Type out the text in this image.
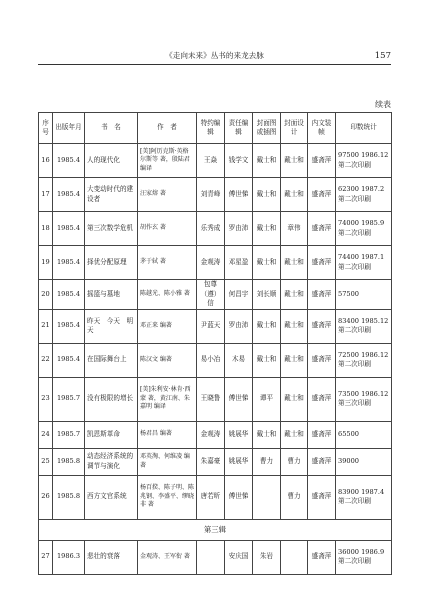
《走向未来》丛书的来龙去脉	157
续表
序号	出版年月	书　名	作　者	特约编辑	责任编辑	封面图或插图	封面设计	内文装帧	印数统计
16	1985.4	人的现代化	[美]阿历克斯·英格尔斯等 著，殷陆君 编译	王焱	钱学文	戴士和	戴士和	盛斋萍	97500 1986.12第二次印刷
17	1985.4	大变动时代的建设者	汪家熔 著	刘青峰	傅世悌	戴士和	戴士和	盛斋萍	62300 1987.2第二次印刷
18	1985.4	第三次数学危机	胡作玄 著	乐秀成	罗由沛	戴士和	章伟	盛斋萍	74000 1985.9第二次印刷
19	1985.4	择优分配原理	茅于轼 著	金观涛	邓星盈	戴士和	戴士和	盛斋萍	74400 1987.1第二次印刷
20	1985.4	摇篮与墓地	陈越光、陈小雅 著	包尊（遵）信	何昌宇	刘长顺	戴士和	盛斋萍	57500
21	1985.4	昨天　今天　明天	邓正来 编著	尹蓝天	罗由沛	戴士和	戴士和	盛斋萍	83400 1985.12第二次印刷
22	1985.4	在国际舞台上	陈汉文 编著	易小冶	木易	戴士和	戴士和	盛斋萍	72500 1986.12第二次印刷
23	1985.7	没有极限的增长	[美]朱利安·林肯·西蒙 著，黄江南、朱嘉明 编译	王晓鲁	傅世悌	谭平	戴士和	盛斋萍	73500 1986.12第三次印刷
24	1985.7	凯恩斯革命	杨君昌 编著	金观涛	姚展华	戴士和	戴士和	盛斋萍	65500
25	1985.8	动态经济系统的调节与演化	邓英淘、何维凌 编著	朱嘉豪	姚展华	曹力	曹力	盛斋萍	39000
26	1985.8	西方文官系统	杨百揆、陈子明、陈兆钢、李盛平、缪晓非 著	唐若昕	傅世悌		曹力	盛斋萍	83900 1987.4第二次印刷
第三辑									
27	1986.3	悲壮的衰落	金观涛、王军衔 著		安庆国	朱岩		盛斋萍	36000 1986.9第二次印刷
